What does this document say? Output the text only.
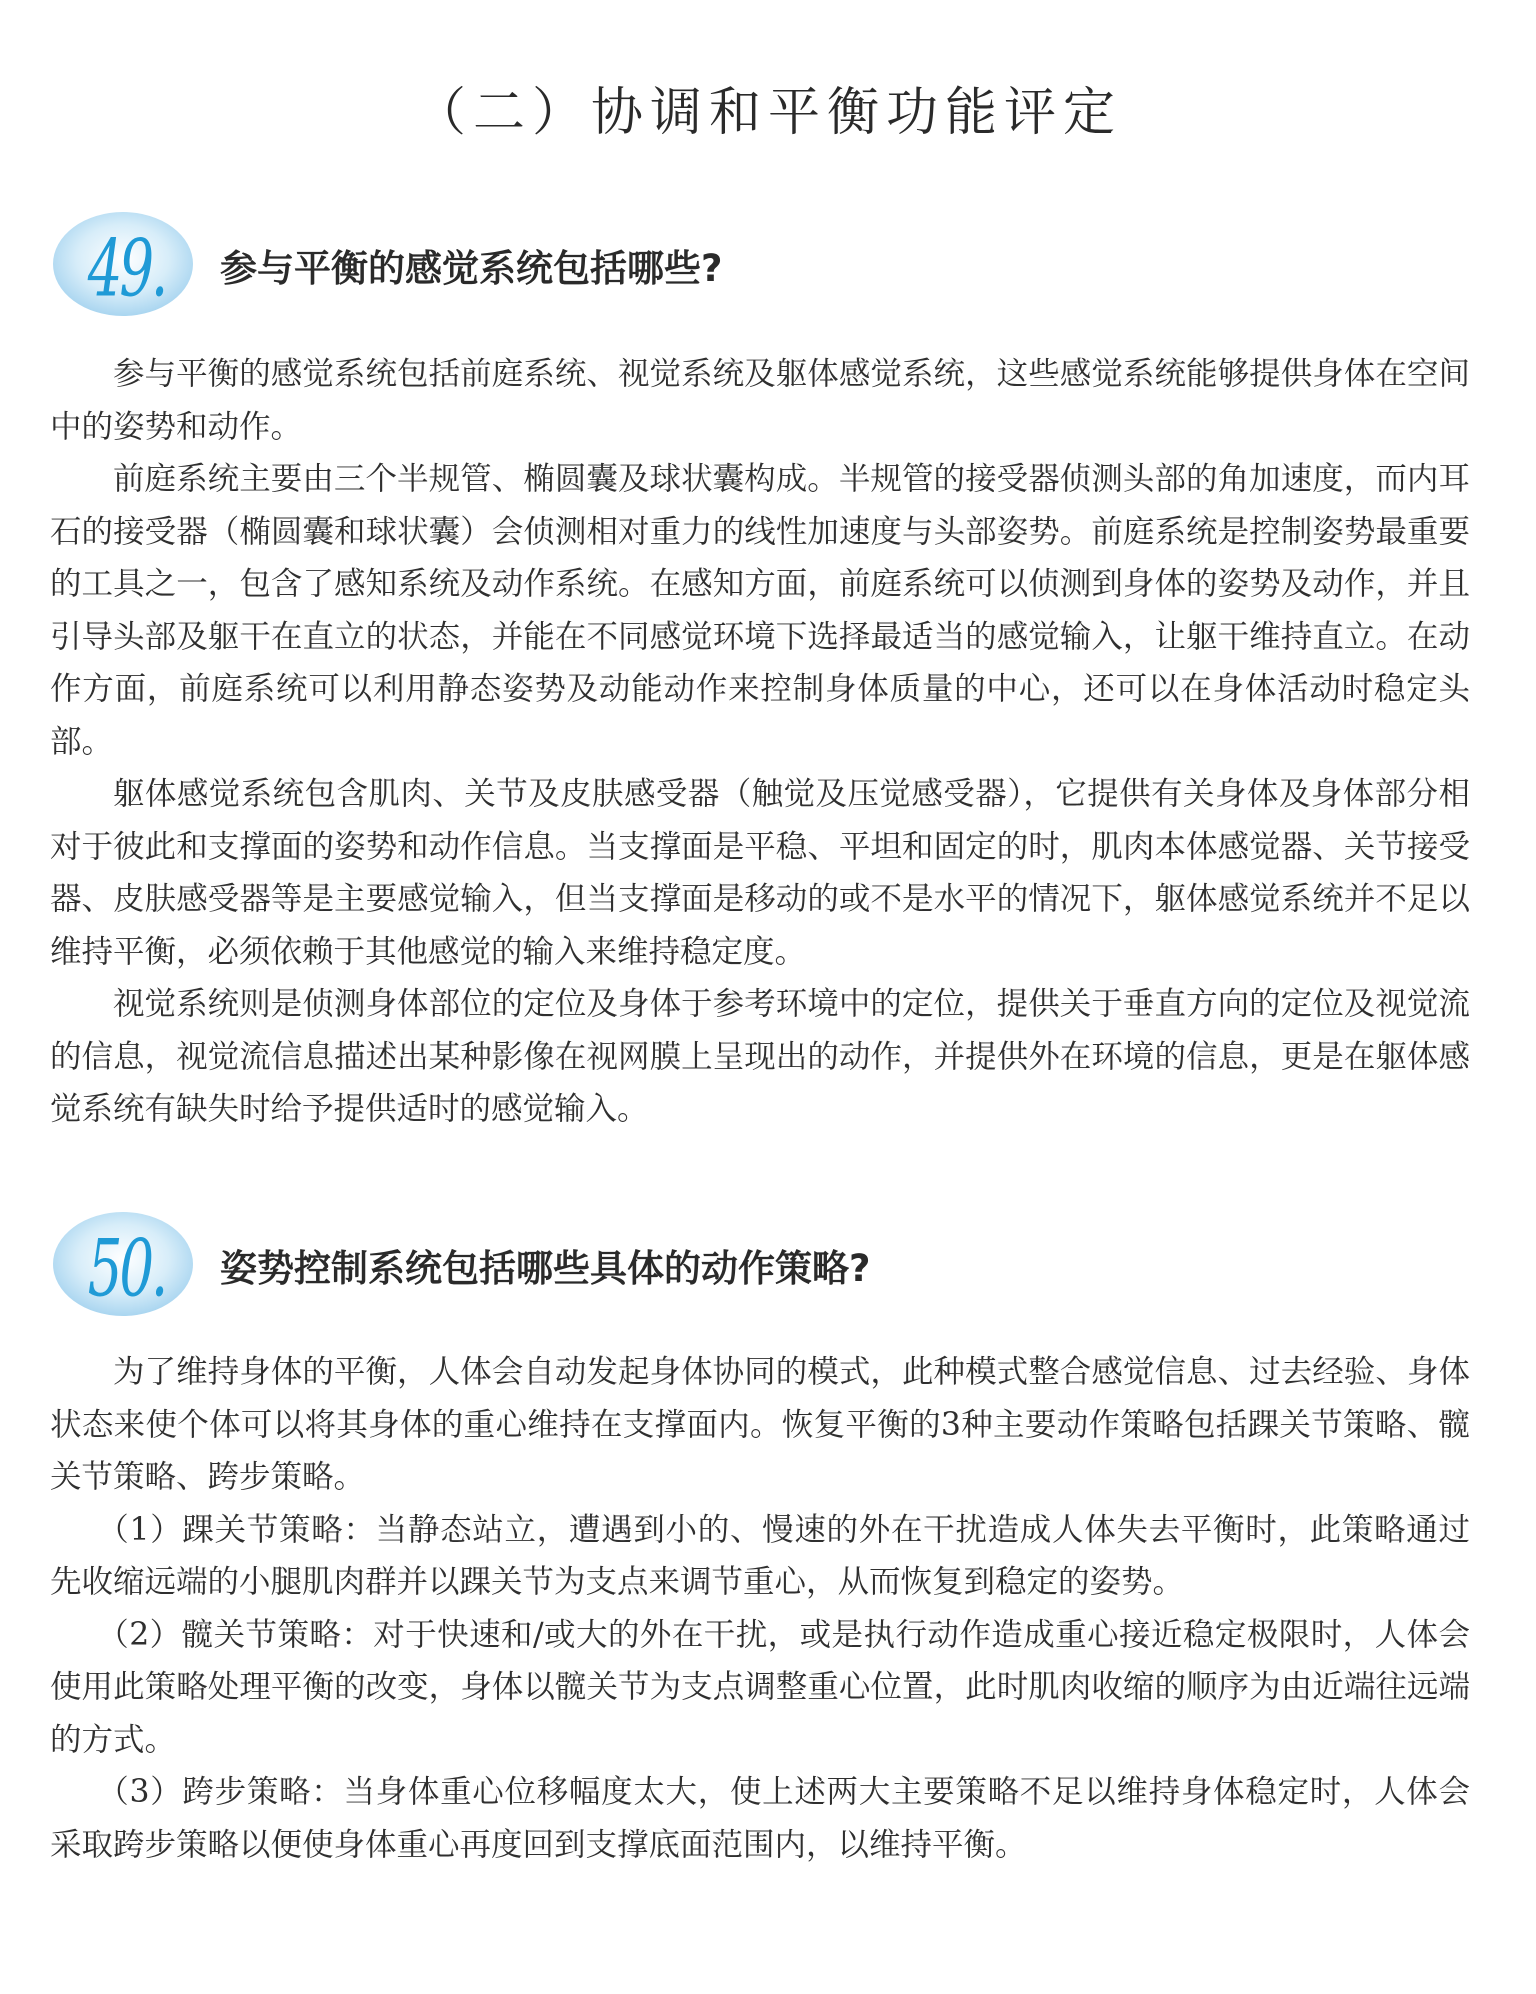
（二）协调和平衡功能评定
49. 参与平衡的感觉系统包括哪些?

参与平衡的感觉系统包括前庭系统、视觉系统及躯体感觉系统，这些感觉系统能够提供身体在空间中的姿势和动作。

前庭系统主要由三个半规管、椭圆囊及球状囊构成。半规管的接受器侦测头部的角加速度，而内耳石的接受器（椭圆囊和球状囊）会侦测相对重力的线性加速度与头部姿势。前庭系统是控制姿势最重要的工具之一，包含了感知系统及动作系统。在感知方面，前庭系统可以侦测到身体的姿势及动作，并且引导头部及躯干在直立的状态，并能在不同感觉环境下选择最适当的感觉输入，让躯干维持直立。在动作方面，前庭系统可以利用静态姿势及动能动作来控制身体质量的中心，还可以在身体活动时稳定头部。

躯体感觉系统包含肌肉、关节及皮肤感受器（触觉及压觉感受器），它提供有关身体及身体部分相对于彼此和支撑面的姿势和动作信息。当支撑面是平稳、平坦和固定的时，肌肉本体感觉器、关节接受器、皮肤感受器等是主要感觉输入，但当支撑面是移动的或不是水平的情况下，躯体感觉系统并不足以维持平衡，必须依赖于其他感觉的输入来维持稳定度。

视觉系统则是侦测身体部位的定位及身体于参考环境中的定位，提供关于垂直方向的定位及视觉流的信息，视觉流信息描述出某种影像在视网膜上呈现出的动作，并提供外在环境的信息，更是在躯体感觉系统有缺失时给予提供适时的感觉输入。

50. 姿势控制系统包括哪些具体的动作策略?

为了维持身体的平衡，人体会自动发起身体协同的模式，此种模式整合感觉信息、过去经验、身体状态来使个体可以将其身体的重心维持在支撑面内。恢复平衡的3种主要动作策略包括踝关节策略、髋关节策略、跨步策略。

（1）踝关节策略：当静态站立，遭遇到小的、慢速的外在干扰造成人体失去平衡时，此策略通过先收缩远端的小腿肌肉群并以踝关节为支点来调节重心，从而恢复到稳定的姿势。

（2）髋关节策略：对于快速和/或大的外在干扰，或是执行动作造成重心接近稳定极限时，人体会使用此策略处理平衡的改变，身体以髋关节为支点调整重心位置，此时肌肉收缩的顺序为由近端往远端的方式。

（3）跨步策略：当身体重心位移幅度太大，使上述两大主要策略不足以维持身体稳定时，人体会采取跨步策略以便使身体重心再度回到支撑底面范围内，以维持平衡。
